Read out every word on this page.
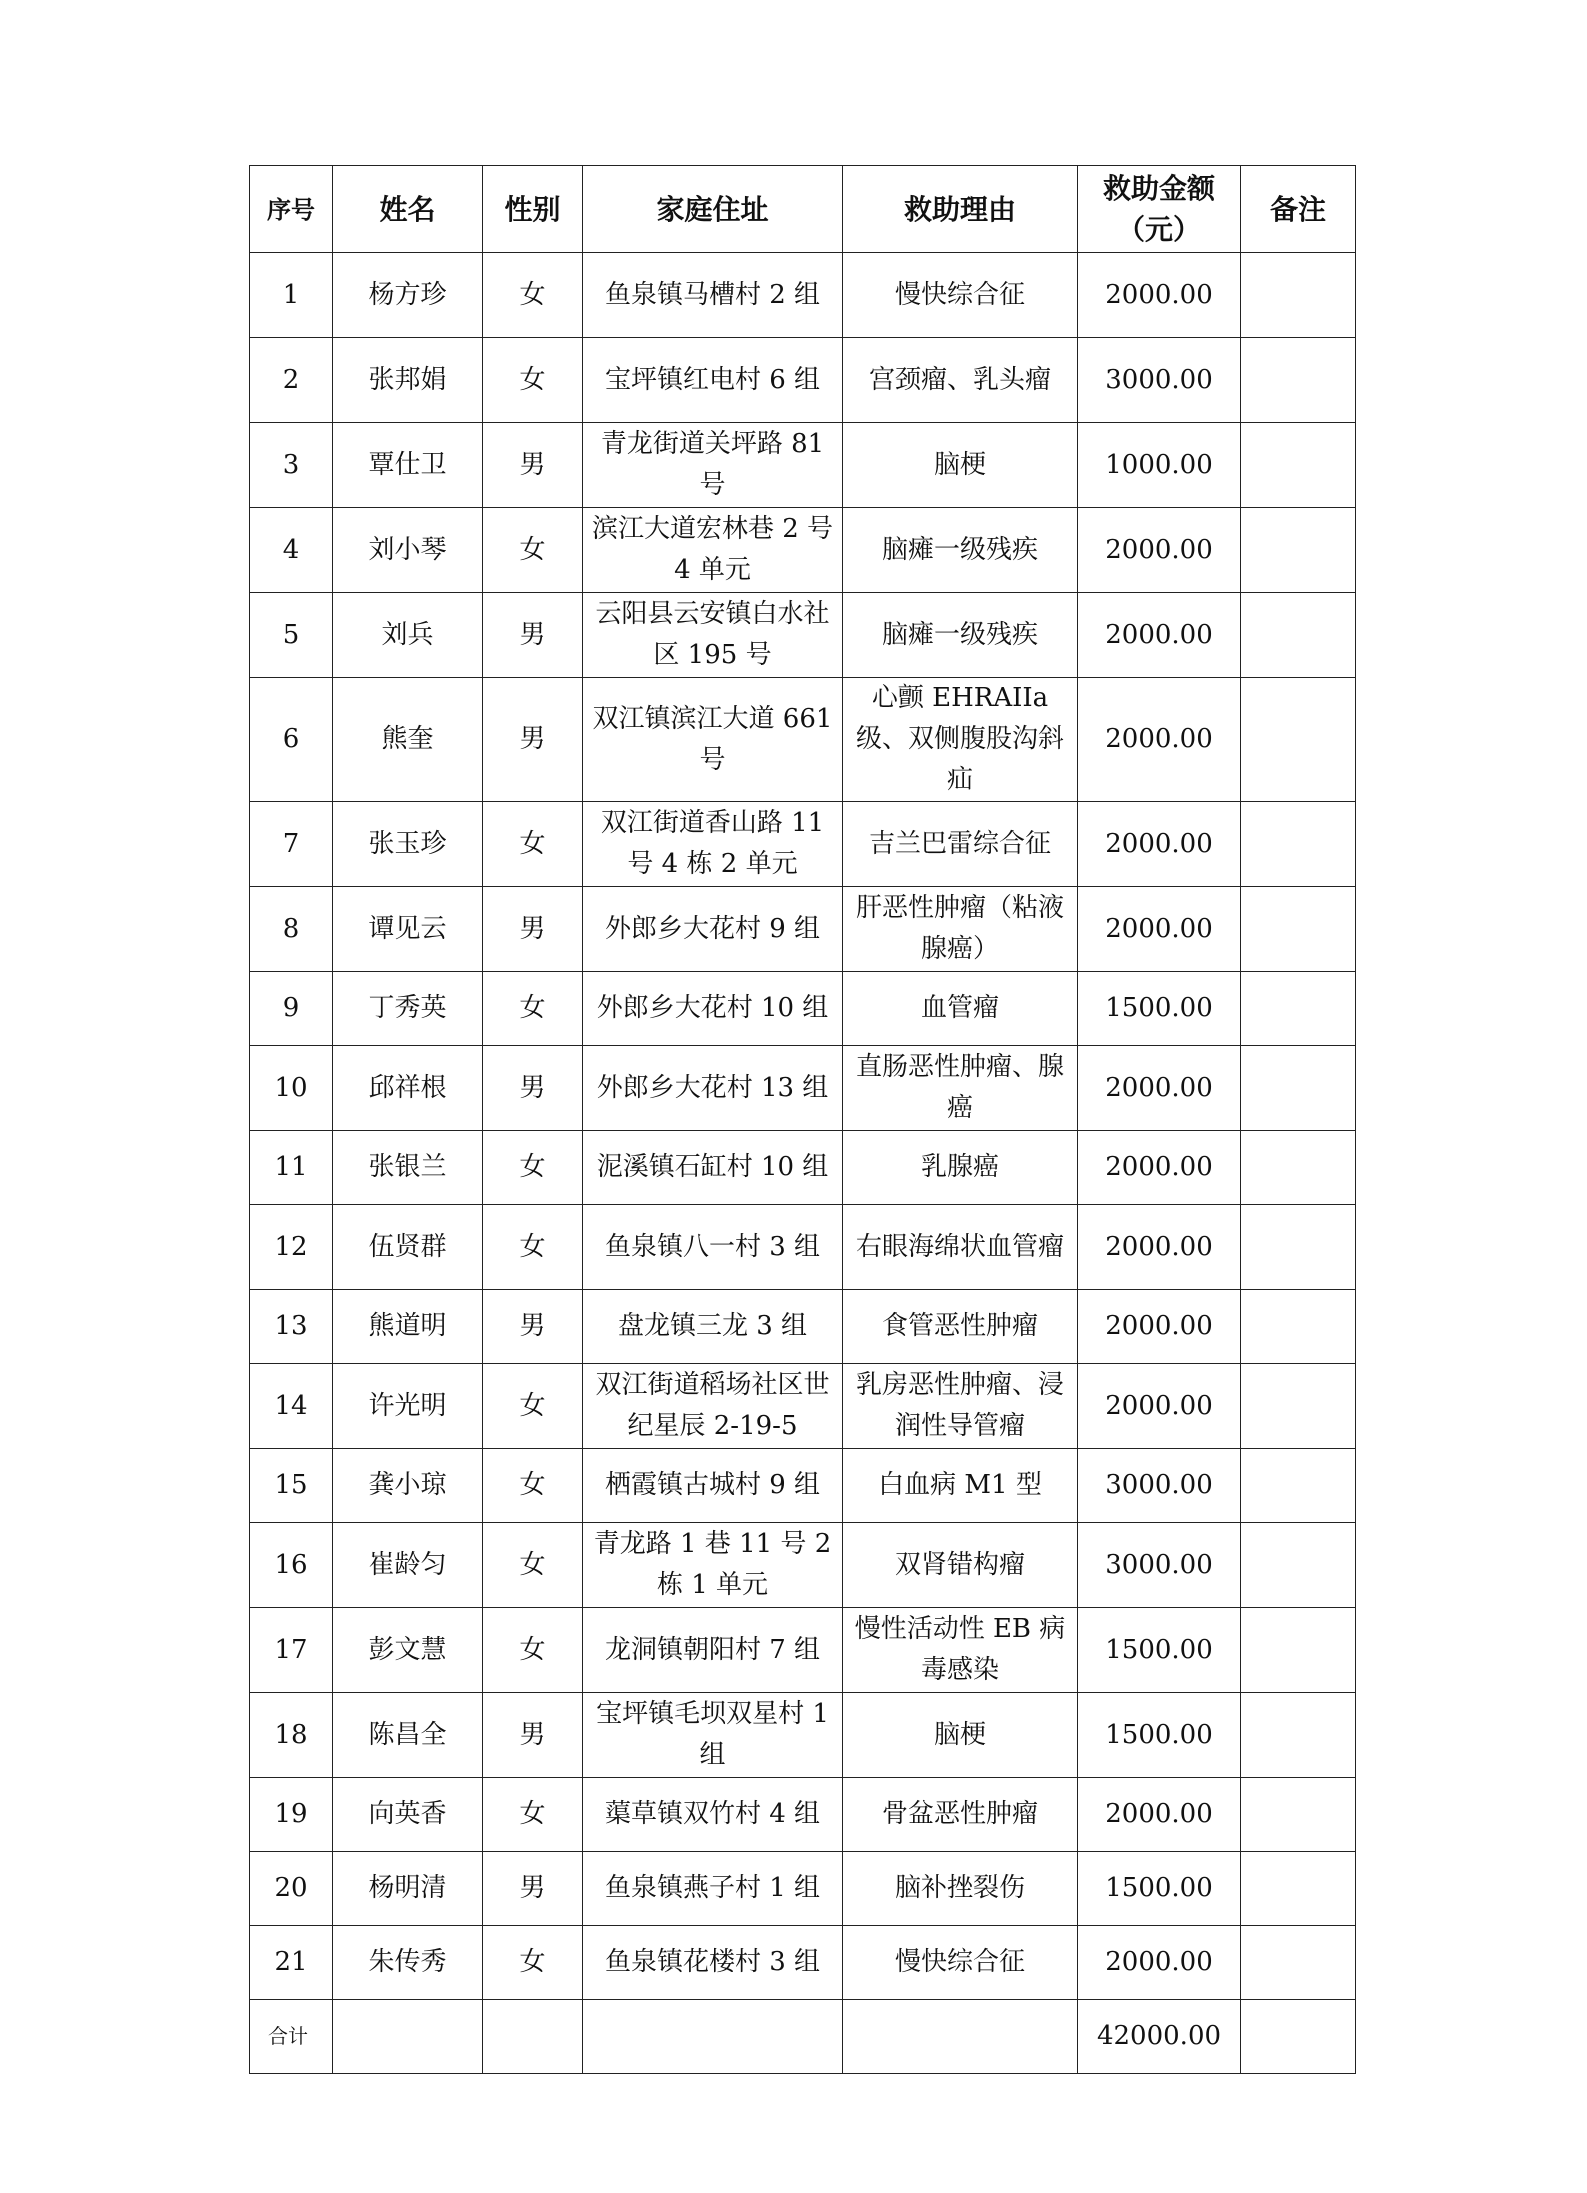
序号	姓名	性别	家庭住址	救助理由	救助金额（元）	备注
1	杨方珍	女	鱼泉镇马槽村 2 组	慢快综合征	2000.00	
2	张邦娟	女	宝坪镇红电村 6 组	宫颈瘤、乳头瘤	3000.00	
3	覃仕卫	男	青龙街道关坪路 81 号	脑梗	1000.00	
4	刘小琴	女	滨江大道宏林巷 2 号 4 单元	脑瘫一级残疾	2000.00	
5	刘兵	男	云阳县云安镇白水社区 195 号	脑瘫一级残疾	2000.00	
6	熊奎	男	双江镇滨江大道 661 号	心颤 EHRAIIa 级、双侧腹股沟斜疝	2000.00	
7	张玉珍	女	双江街道香山路 11 号 4 栋 2 单元	吉兰巴雷综合征	2000.00	
8	谭见云	男	外郎乡大花村 9 组	肝恶性肿瘤（粘液腺癌）	2000.00	
9	丁秀英	女	外郎乡大花村 10 组	血管瘤	1500.00	
10	邱祥根	男	外郎乡大花村 13 组	直肠恶性肿瘤、腺癌	2000.00	
11	张银兰	女	泥溪镇石缸村 10 组	乳腺癌	2000.00	
12	伍贤群	女	鱼泉镇八一村 3 组	右眼海绵状血管瘤	2000.00	
13	熊道明	男	盘龙镇三龙 3 组	食管恶性肿瘤	2000.00	
14	许光明	女	双江街道稻场社区世纪星辰 2-19-5	乳房恶性肿瘤、浸润性导管瘤	2000.00	
15	龚小琼	女	栖霞镇古城村 9 组	白血病 M1 型	3000.00	
16	崔龄匀	女	青龙路 1 巷 11 号 2 栋 1 单元	双肾错构瘤	3000.00	
17	彭文慧	女	龙洞镇朝阳村 7 组	慢性活动性 EB 病毒感染	1500.00	
18	陈昌全	男	宝坪镇毛坝双星村 1 组	脑梗	1500.00	
19	向英香	女	蕖草镇双竹村 4 组	骨盆恶性肿瘤	2000.00	
20	杨明清	男	鱼泉镇燕子村 1 组	脑补挫裂伤	1500.00	
21	朱传秀	女	鱼泉镇花楼村 3 组	慢快综合征	2000.00	
合计					42000.00	
